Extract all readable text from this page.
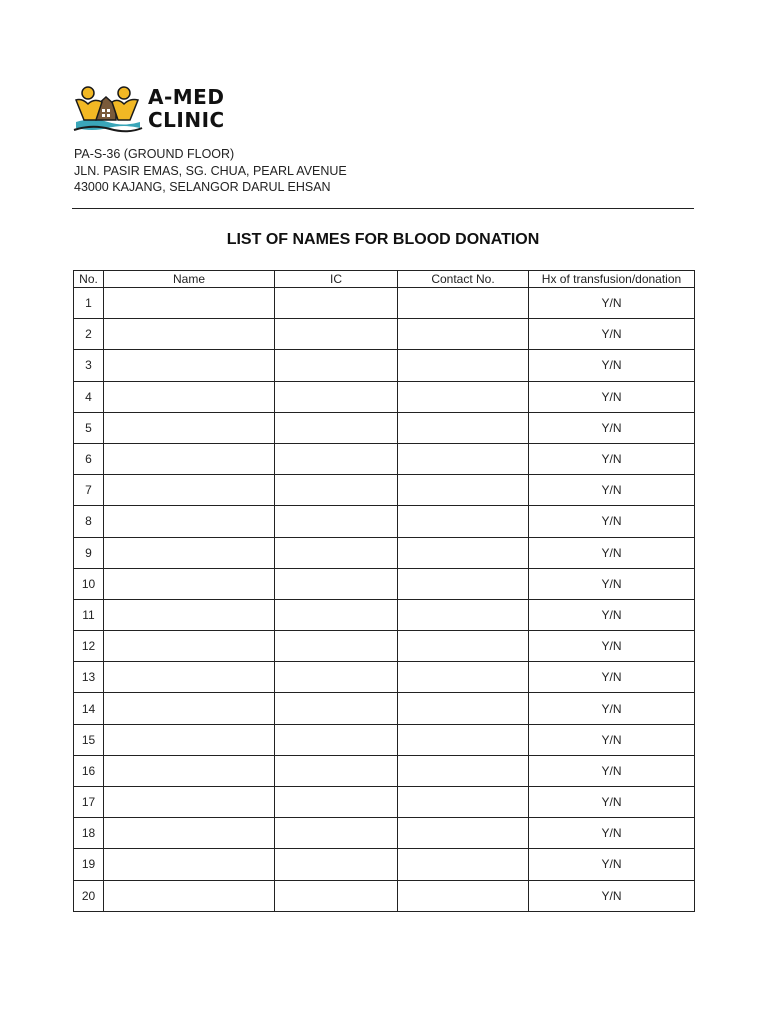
A-MED
CLINIC
PA-S-36 (GROUND FLOOR)
JLN. PASIR EMAS, SG. CHUA, PEARL AVENUE
43000 KAJANG, SELANGOR DARUL EHSAN
LIST OF NAMES FOR BLOOD DONATION
No.	Name	IC	Contact No.	Hx of transfusion/donation
1				Y/N
2				Y/N
3				Y/N
4				Y/N
5				Y/N
6				Y/N
7				Y/N
8				Y/N
9				Y/N
10				Y/N
11				Y/N
12				Y/N
13				Y/N
14				Y/N
15				Y/N
16				Y/N
17				Y/N
18				Y/N
19				Y/N
20				Y/N
